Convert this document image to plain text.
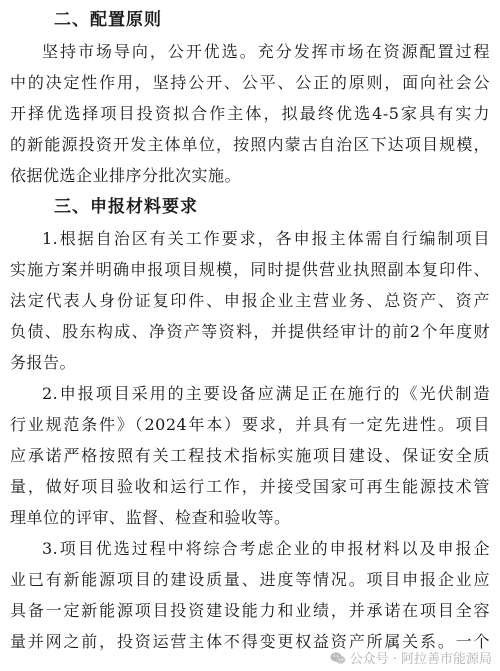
二、配置原则
坚持市场导向，公开优选。充分发挥市场在资源配置过程
中的决定性作用，坚持公开、公平、公正的原则，面向社会公
开择优选择项目投资拟合作主体，拟最终优选4-5家具有实力
的新能源投资开发主体单位，按照内蒙古自治区下达项目规模，
依据优选企业排序分批次实施。
三、申报材料要求
1.根据自治区有关工作要求，各申报主体需自行编制项目
实施方案并明确申报项目规模，同时提供营业执照副本复印件、
法定代表人身份证复印件、申报企业主营业务、总资产、资产
负债、股东构成、净资产等资料，并提供经审计的前2个年度财
务报告。
2.申报项目采用的主要设备应满足正在施行的《光伏制造
行业规范条件》（2024年本）要求，并具有一定先进性。项目
应承诺严格按照有关工程技术指标实施项目建设、保证安全质
量，做好项目验收和运行工作，并接受国家可再生能源技术管
理单位的评审、监督、检查和验收等。
3.项目优选过程中将综合考虑企业的申报材料以及申报企
业已有新能源项目的建设质量、进度等情况。项目申报企业应
具备一定新能源项目投资建设能力和业绩，并承诺在项目全容
量并网之前，投资运营主体不得变更权益资产所属关系。一个
公众号 · 阿拉善市能源局
